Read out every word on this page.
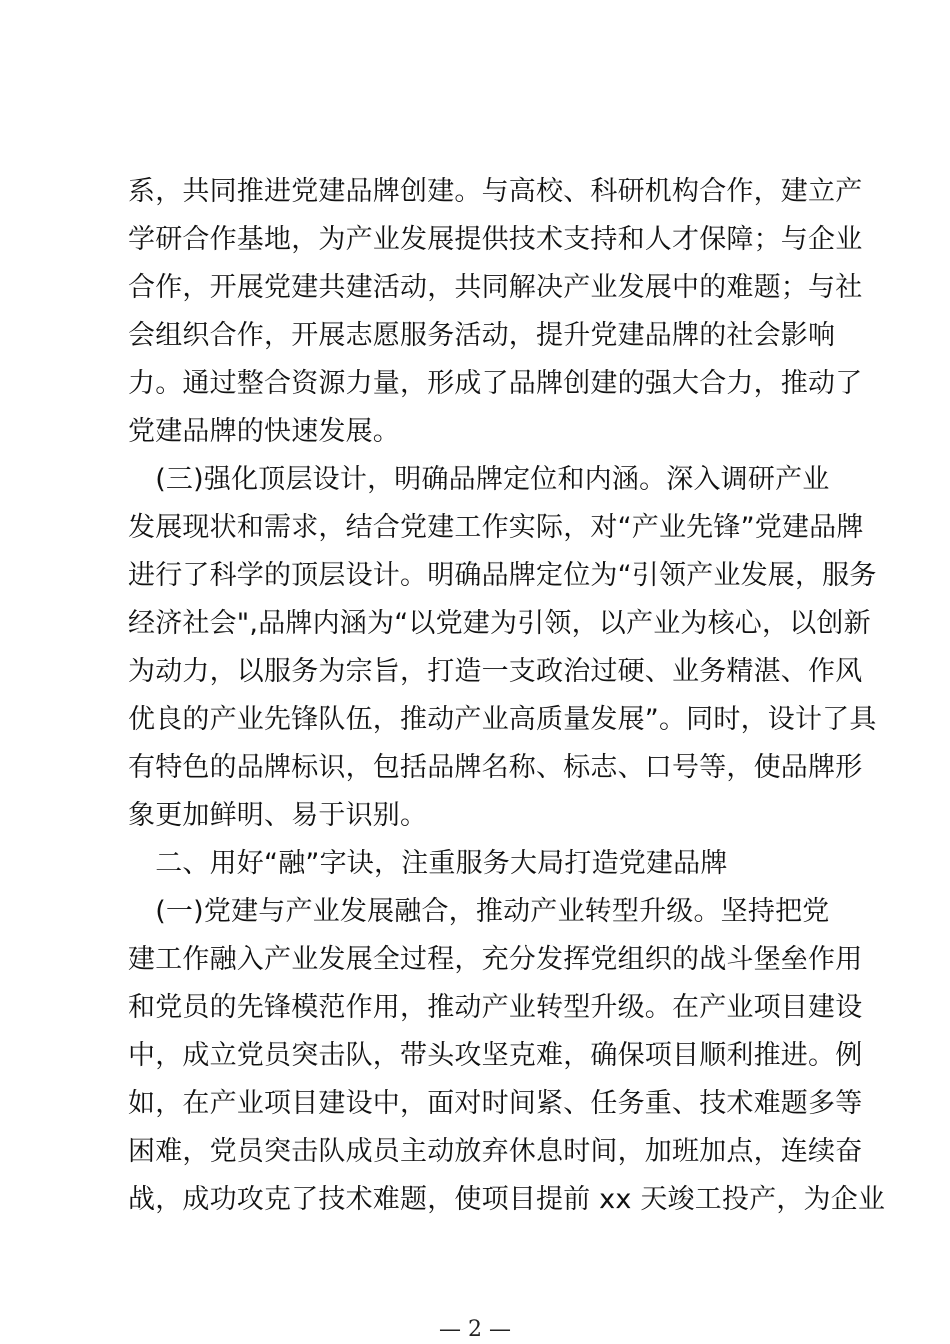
系，共同推进党建品牌创建。与高校、科研机构合作，建立产
学研合作基地，为产业发展提供技术支持和人才保障；与企业
合作，开展党建共建活动，共同解决产业发展中的难题；与社
会组织合作，开展志愿服务活动，提升党建品牌的社会影响
力。通过整合资源力量，形成了品牌创建的强大合力，推动了
党建品牌的快速发展。
　(三)强化顶层设计，明确品牌定位和内涵。深入调研产业
发展现状和需求，结合党建工作实际，对“产业先锋”党建品牌
进行了科学的顶层设计。明确品牌定位为“引领产业发展，服务
经济社会",品牌内涵为“以党建为引领，以产业为核心，以创新
为动力，以服务为宗旨，打造一支政治过硬、业务精湛、作风
优良的产业先锋队伍，推动产业高质量发展”。同时，设计了具
有特色的品牌标识，包括品牌名称、标志、口号等，使品牌形
象更加鲜明、易于识别。
　二、用好“融”字诀，注重服务大局打造党建品牌
　(一)党建与产业发展融合，推动产业转型升级。坚持把党
建工作融入产业发展全过程，充分发挥党组织的战斗堡垒作用
和党员的先锋模范作用，推动产业转型升级。在产业项目建设
中，成立党员突击队，带头攻坚克难，确保项目顺利推进。例
如，在产业项目建设中，面对时间紧、任务重、技术难题多等
困难，党员突击队成员主动放弃休息时间，加班加点，连续奋
战，成功攻克了技术难题，使项目提前 xx 天竣工投产，为企业
— 2 —
